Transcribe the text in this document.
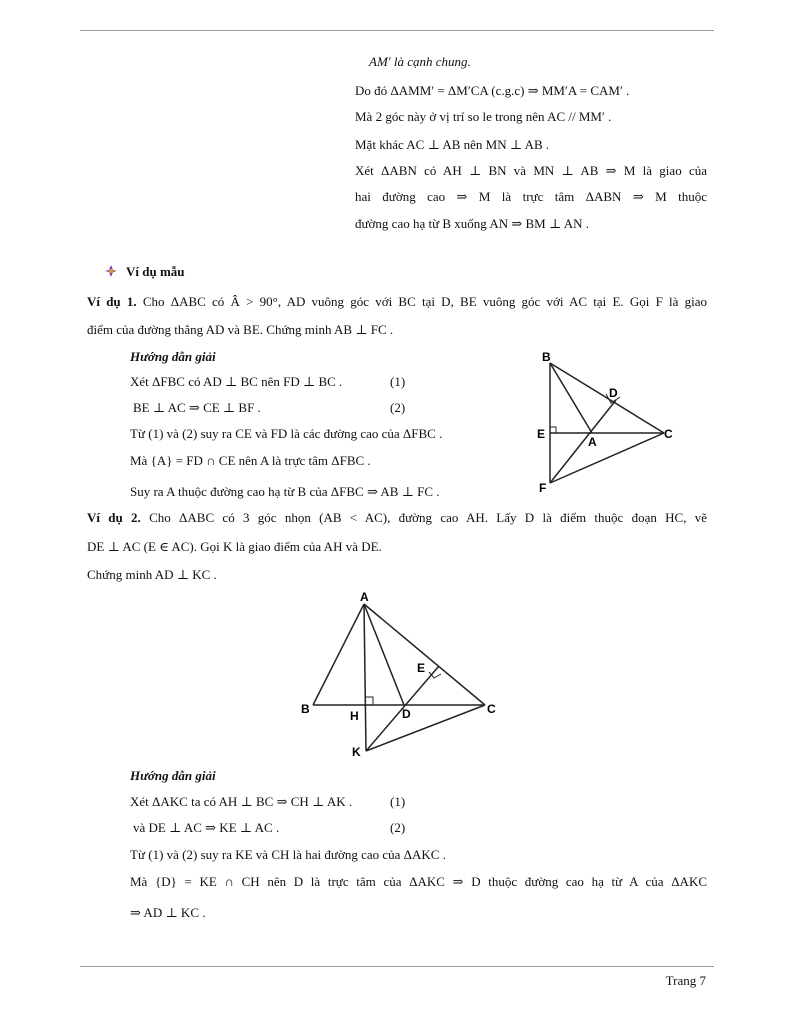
AM′ là cạnh chung.
Do đó ΔAMM′ = ΔM′CA (c.g.c) ⇒ MM′A = CAM′ .
Mà 2 góc này ở vị trí so le trong nên AC // MM′ .
Mặt khác AC ⊥ AB nên MN ⊥ AB .
Xét ΔABN có AH ⊥ BN và MN ⊥ AB ⇒ M là giao của
hai đường cao ⇒ M là trực tâm ΔABN ⇒ M thuộc
đường cao hạ từ B xuống AN ⇒ BM ⊥ AN .
Ví dụ mẫu
Ví dụ 1. Cho ΔABC có Â > 90°, AD vuông góc với BC tại D, BE vuông góc với AC tại E. Gọi F là giao
điểm của đường thẳng AD và BE. Chứng minh AB ⊥ FC .
Hướng dẫn giải
Xét ΔFBC có AD ⊥ BC nên FD ⊥ BC .	(1)
BE ⊥ AC ⇒ CE ⊥ BF .	(2)
Từ (1) và (2) suy ra CE và FD là các đường cao của ΔFBC .
Mà {A} = FD ∩ CE nên A là trực tâm ΔFBC .
Suy ra A thuộc đường cao hạ từ B của ΔFBC ⇒ AB ⊥ FC .
B
D
E
A
C
F
Ví dụ 2. Cho ΔABC có 3 góc nhọn (AB < AC), đường cao AH. Lấy D là điểm thuộc đoạn HC, vẽ
DE ⊥ AC (E ∈ AC). Gọi K là giao điểm của AH và DE.
Chứng minh AD ⊥ KC .
A
E
B	H	D	C
K
Hướng dẫn giải
Xét ΔAKC ta có AH ⊥ BC ⇒ CH ⊥ AK .	(1)
và DE ⊥ AC ⇒ KE ⊥ AC .	(2)
Từ (1) và (2) suy ra KE và CH là hai đường cao của ΔAKC .
Mà {D} = KE ∩ CH nên D là trực tâm của ΔAKC ⇒ D thuộc đường cao hạ từ A của ΔAKC
⇒ AD ⊥ KC .
Trang 7
